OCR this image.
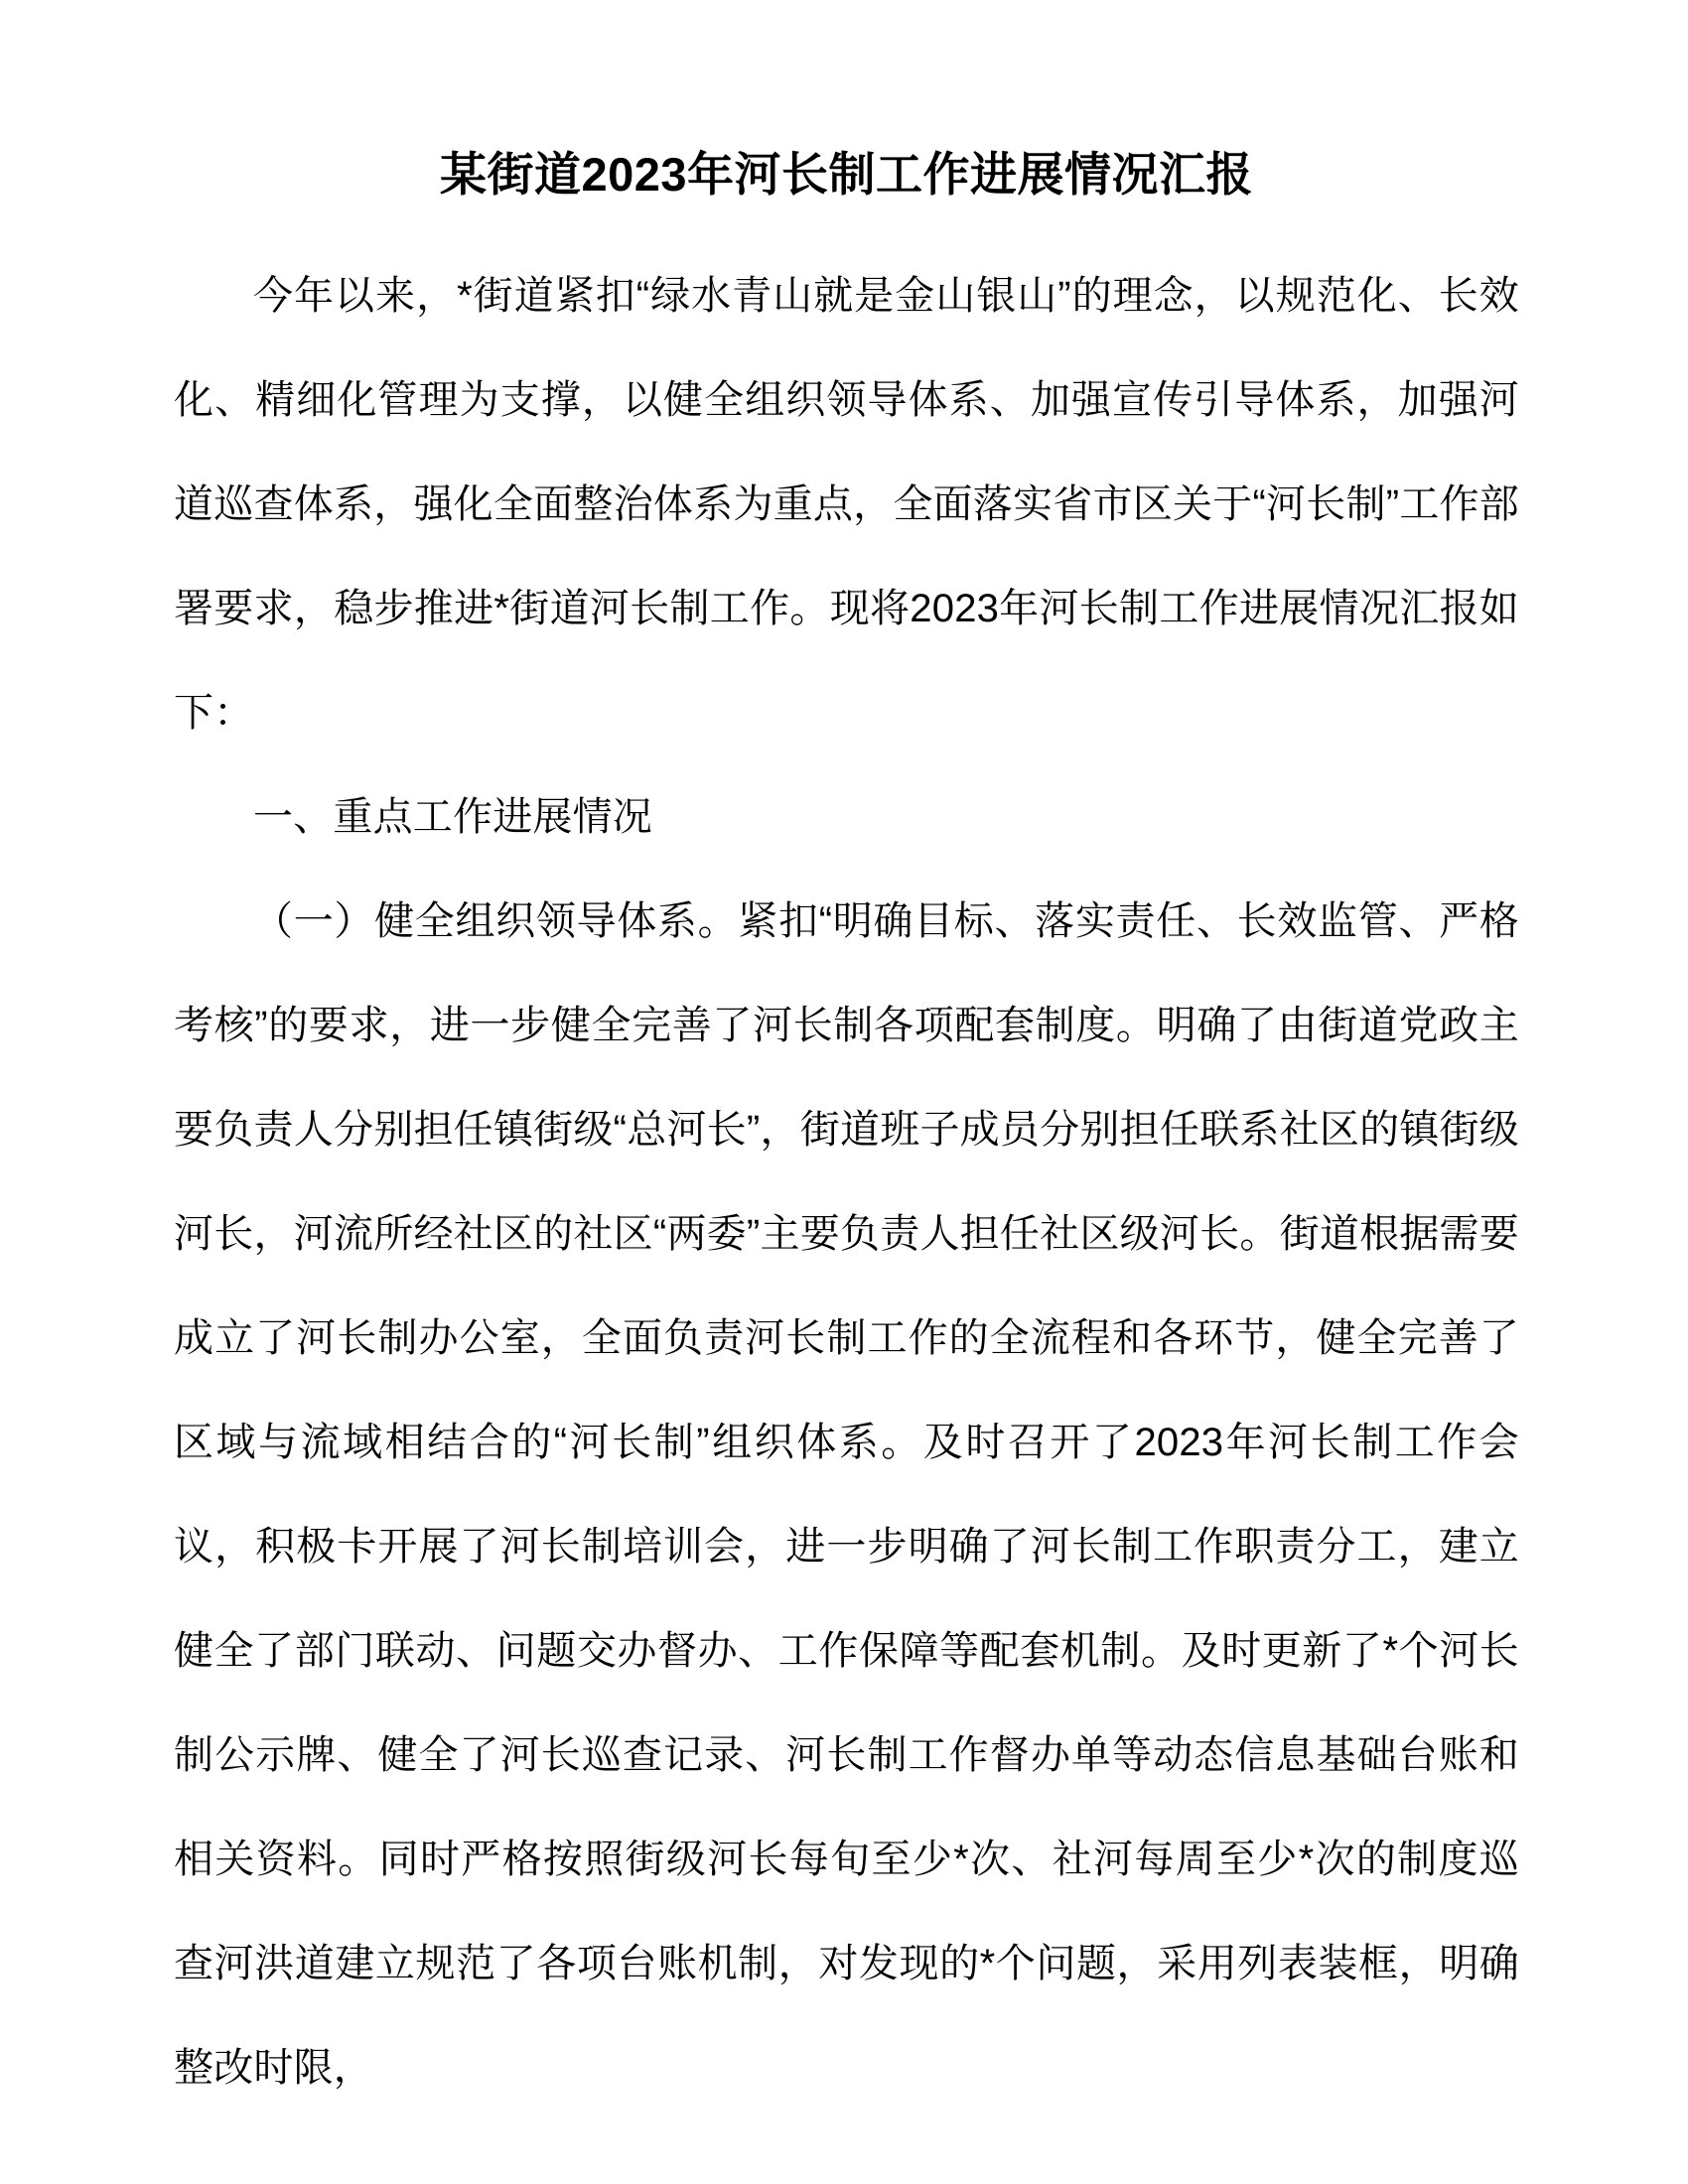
某街道2023年河长制工作进展情况汇报

今年以来，*街道紧扣“绿水青山就是金山银山”的理念，以规范化、长效化、精细化管理为支撑，以健全组织领导体系、加强宣传引导体系，加强河道巡查体系，强化全面整治体系为重点，全面落实省市区关于“河长制”工作部署要求，稳步推进*街道河长制工作。现将2023年河长制工作进展情况汇报如下：

一、重点工作进展情况

（一）健全组织领导体系。紧扣“明确目标、落实责任、长效监管、严格考核”的要求，进一步健全完善了河长制各项配套制度。明确了由街道党政主要负责人分别担任镇街级“总河长”，街道班子成员分别担任联系社区的镇街级河长，河流所经社区的社区“两委”主要负责人担任社区级河长。街道根据需要成立了河长制办公室，全面负责河长制工作的全流程和各环节，健全完善了区域与流域相结合的“河长制”组织体系。及时召开了2023年河长制工作会议，积极卡开展了河长制培训会，进一步明确了河长制工作职责分工，建立健全了部门联动、问题交办督办、工作保障等配套机制。及时更新了*个河长制公示牌、健全了河长巡查记录、河长制工作督办单等动态信息基础台账和相关资料。同时严格按照街级河长每旬至少*次、社河每周至少*次的制度巡查河洪道建立规范了各项台账机制，对发现的*个问题，采用列表装框，明确整改时限，
